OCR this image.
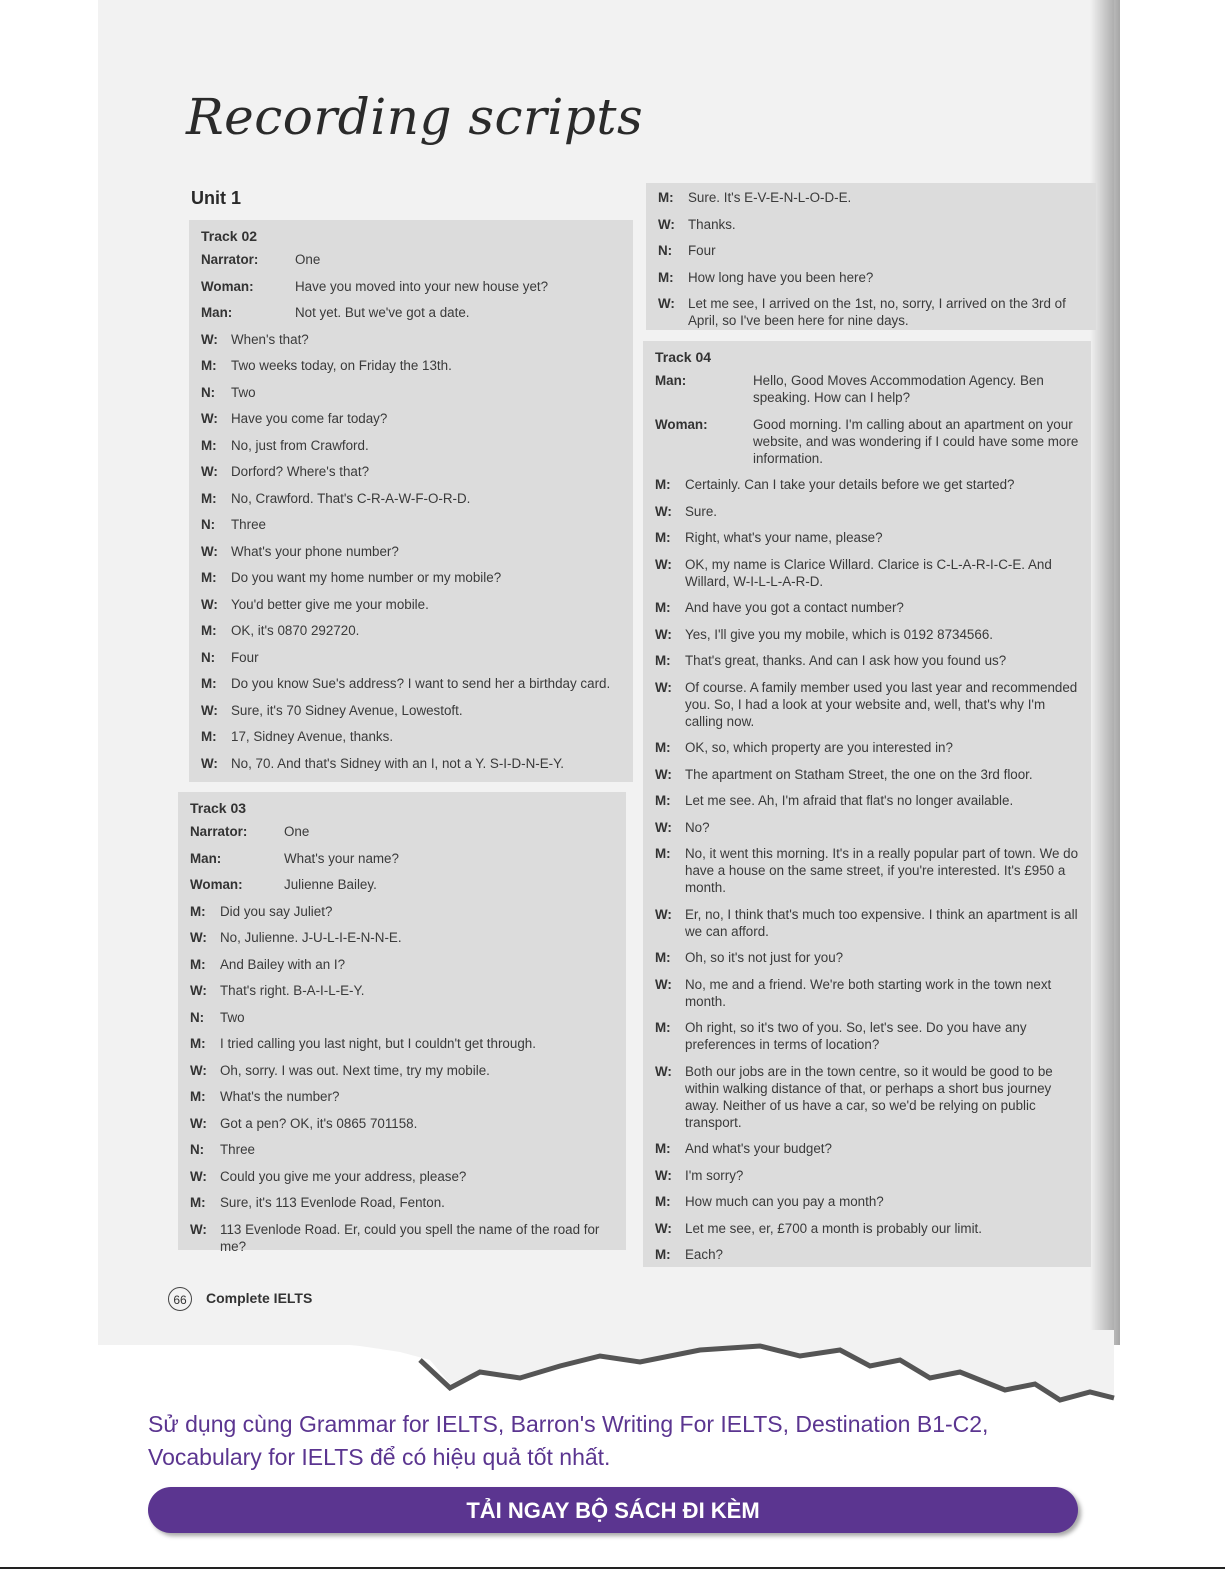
Recording scripts
Unit 1
Track 02
Narrator:	One
Woman:	Have you moved into your new house yet?
Man:	Not yet. But we've got a date.
W: When's that?
M:	Two weeks today, on Friday the 13th.
N:	Two
W: Have you come far today?
M:	No, just from Crawford.
W: Dorford? Where's that?
M:	No, Crawford. That's C-R-A-W-F-O-R-D.
N:	Three
W: What's your phone number?
M:	Do you want my home number or my mobile?
W: You'd better give me your mobile.
M:	OK, it's 0870 292720.
N:	Four
M:	Do you know Sue's address? I want to send her a birthday card.
W: Sure, it's 70 Sidney Avenue, Lowestoft.
M:	17, Sidney Avenue, thanks.
W: No, 70. And that's Sidney with an I, not a Y. S-I-D-N-E-Y.
Track 03
Narrator:	One
Man:	What's your name?
Woman:	Julienne Bailey.
M:	Did you say Juliet?
W: No, Julienne. J-U-L-I-E-N-N-E.
M:	And Bailey with an I?
W: That's right. B-A-I-L-E-Y.
N:	Two
M:	I tried calling you last night, but I couldn't get through.
W: Oh, sorry. I was out. Next time, try my mobile.
M:	What's the number?
W: Got a pen? OK, it's 0865 701158.
N:	Three
W: Could you give me your address, please?
M:	Sure, it's 113 Evenlode Road, Fenton.
W: 113 Evenlode Road. Er, could you spell the name of the road for me?
M:	Sure. It's E-V-E-N-L-O-D-E.
W: Thanks.
N:	Four
M:	How long have you been here?
W: Let me see, I arrived on the 1st, no, sorry, I arrived on the 3rd of April, so I've been here for nine days.
Track 04
Man:	Hello, Good Moves Accommodation Agency. Ben speaking. How can I help?
Woman:	Good morning. I'm calling about an apartment on your website, and was wondering if I could have some more information.
M:	Certainly. Can I take your details before we get started?
W: Sure.
M:	Right, what's your name, please?
W: OK, my name is Clarice Willard. Clarice is C-L-A-R-I-C-E. And Willard, W-I-L-L-A-R-D.
M:	And have you got a contact number?
W: Yes, I'll give you my mobile, which is 0192 8734566.
M:	That's great, thanks. And can I ask how you found us?
W: Of course. A family member used you last year and recommended you. So, I had a look at your website and, well, that's why I'm calling now.
M:	OK, so, which property are you interested in?
W: The apartment on Statham Street, the one on the 3rd floor.
M:	Let me see. Ah, I'm afraid that flat's no longer available.
W: No?
M:	No, it went this morning. It's in a really popular part of town. We do have a house on the same street, if you're interested. It's £950 a month.
W: Er, no, I think that's much too expensive. I think an apartment is all we can afford.
M:	Oh, so it's not just for you?
W: No, me and a friend. We're both starting work in the town next month.
M:	Oh right, so it's two of you. So, let's see. Do you have any preferences in terms of location?
W: Both our jobs are in the town centre, so it would be good to be within walking distance of that, or perhaps a short bus journey away. Neither of us have a car, so we'd be relying on public transport.
M:	And what's your budget?
W: I'm sorry?
M:	How much can you pay a month?
W: Let me see, er, £700 a month is probably our limit.
M:	Each?
66	Complete IELTS

Sử dụng cùng Grammar for IELTS, Barron's Writing For IELTS, Destination B1-C2, Vocabulary for IELTS để có hiệu quả tốt nhất.

TẢI NGAY BỘ SÁCH ĐI KÈM
